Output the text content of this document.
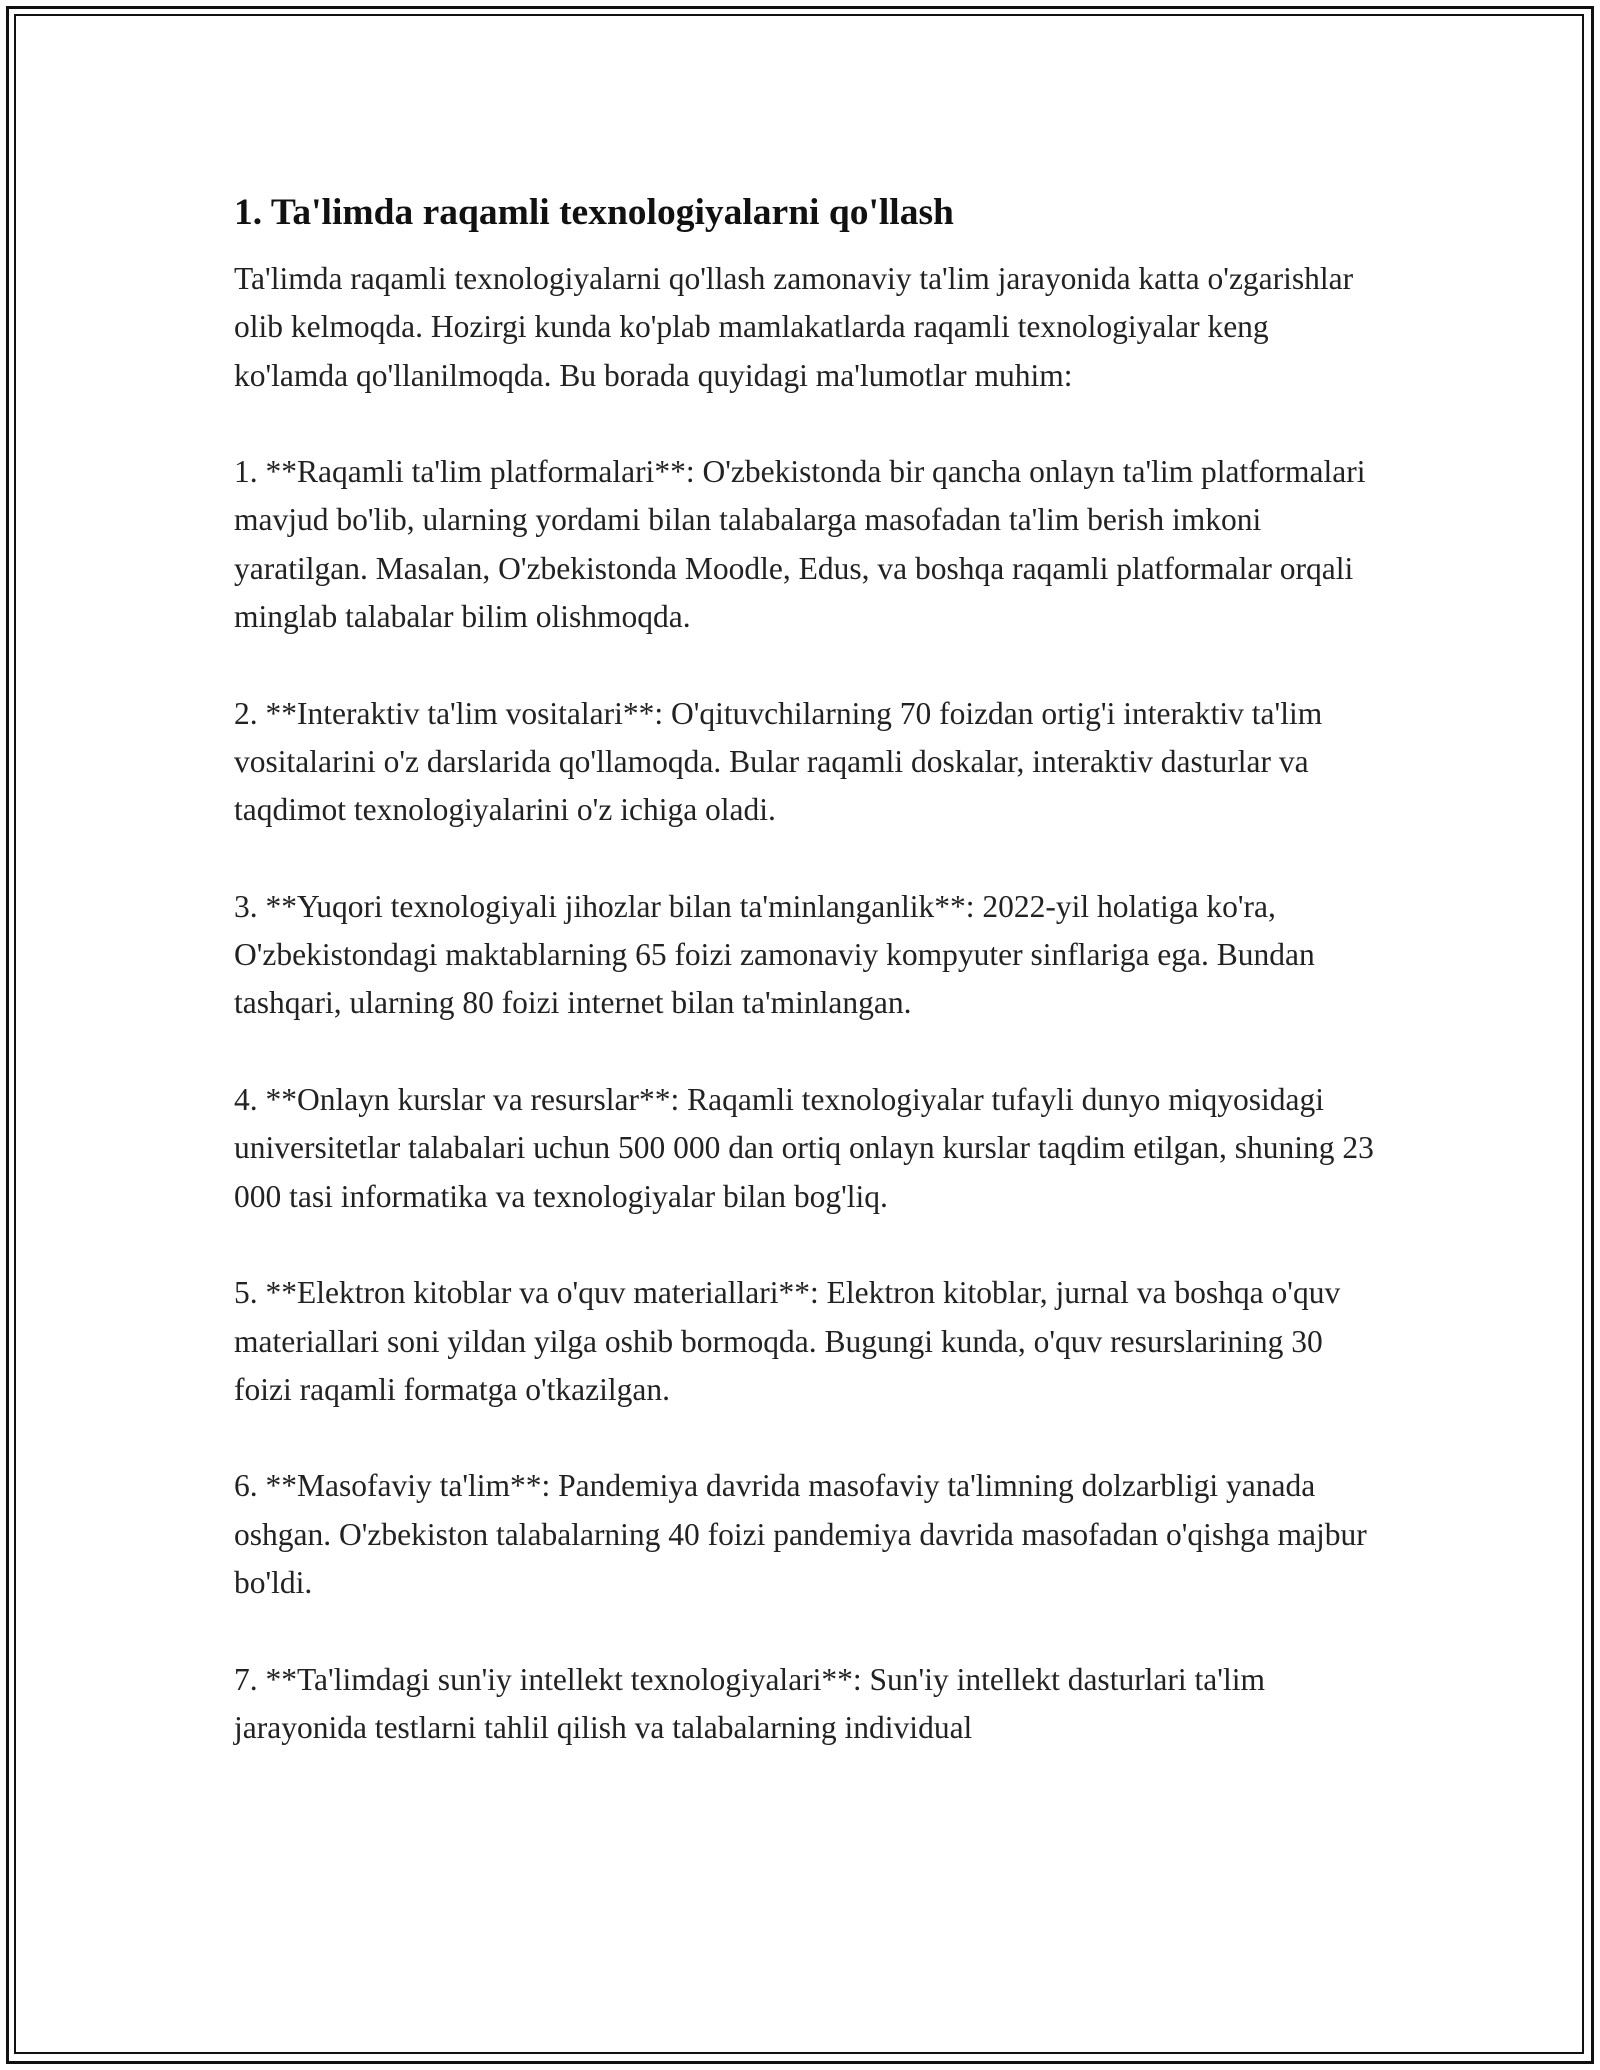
1. Ta'limda raqamli texnologiyalarni qo'llash

Ta'limda raqamli texnologiyalarni qo'llash zamonaviy ta'lim jarayonida katta o'zgarishlar olib kelmoqda. Hozirgi kunda ko'plab mamlakatlarda raqamli texnologiyalar keng ko'lamda qo'llanilmoqda. Bu borada quyidagi ma'lumotlar muhim:

1. **Raqamli ta'lim platformalari**: O'zbekistonda bir qancha onlayn ta'lim platformalari mavjud bo'lib, ularning yordami bilan talabalarga masofadan ta'lim berish imkoni yaratilgan. Masalan, O'zbekistonda Moodle, Edus, va boshqa raqamli platformalar orqali minglab talabalar bilim olishmoqda.
2. **Interaktiv ta'lim vositalari**: O'qituvchilarning 70 foizdan ortig'i interaktiv ta'lim vositalarini o'z darslarida qo'llamoqda. Bular raqamli doskalar, interaktiv dasturlar va taqdimot texnologiyalarini o'z ichiga oladi.
3. **Yuqori texnologiyali jihozlar bilan ta'minlanganlik**: 2022-yil holatiga ko'ra, O'zbekistondagi maktablarning 65 foizi zamonaviy kompyuter sinflariga ega. Bundan tashqari, ularning 80 foizi internet bilan ta'minlangan.
4. **Onlayn kurslar va resurslar**: Raqamli texnologiyalar tufayli dunyo miqyosidagi universitetlar talabalari uchun 500 000 dan ortiq onlayn kurslar taqdim etilgan, shuning 23 000 tasi informatika va texnologiyalar bilan bog'liq.
5. **Elektron kitoblar va o'quv materiallari**: Elektron kitoblar, jurnal va boshqa o'quv materiallari soni yildan yilga oshib bormoqda. Bugungi kunda, o'quv resurslarining 30 foizi raqamli formatga o'tkazilgan.
6. **Masofaviy ta'lim**: Pandemiya davrida masofaviy ta'limning dolzarbligi yanada oshgan. O'zbekiston talabalarning 40 foizi pandemiya davrida masofadan o'qishga majbur bo'ldi.
7. **Ta'limdagi sun'iy intellekt texnologiyalari**: Sun'iy intellekt dasturlari ta'lim jarayonida testlarni tahlil qilish va talabalarning individual
